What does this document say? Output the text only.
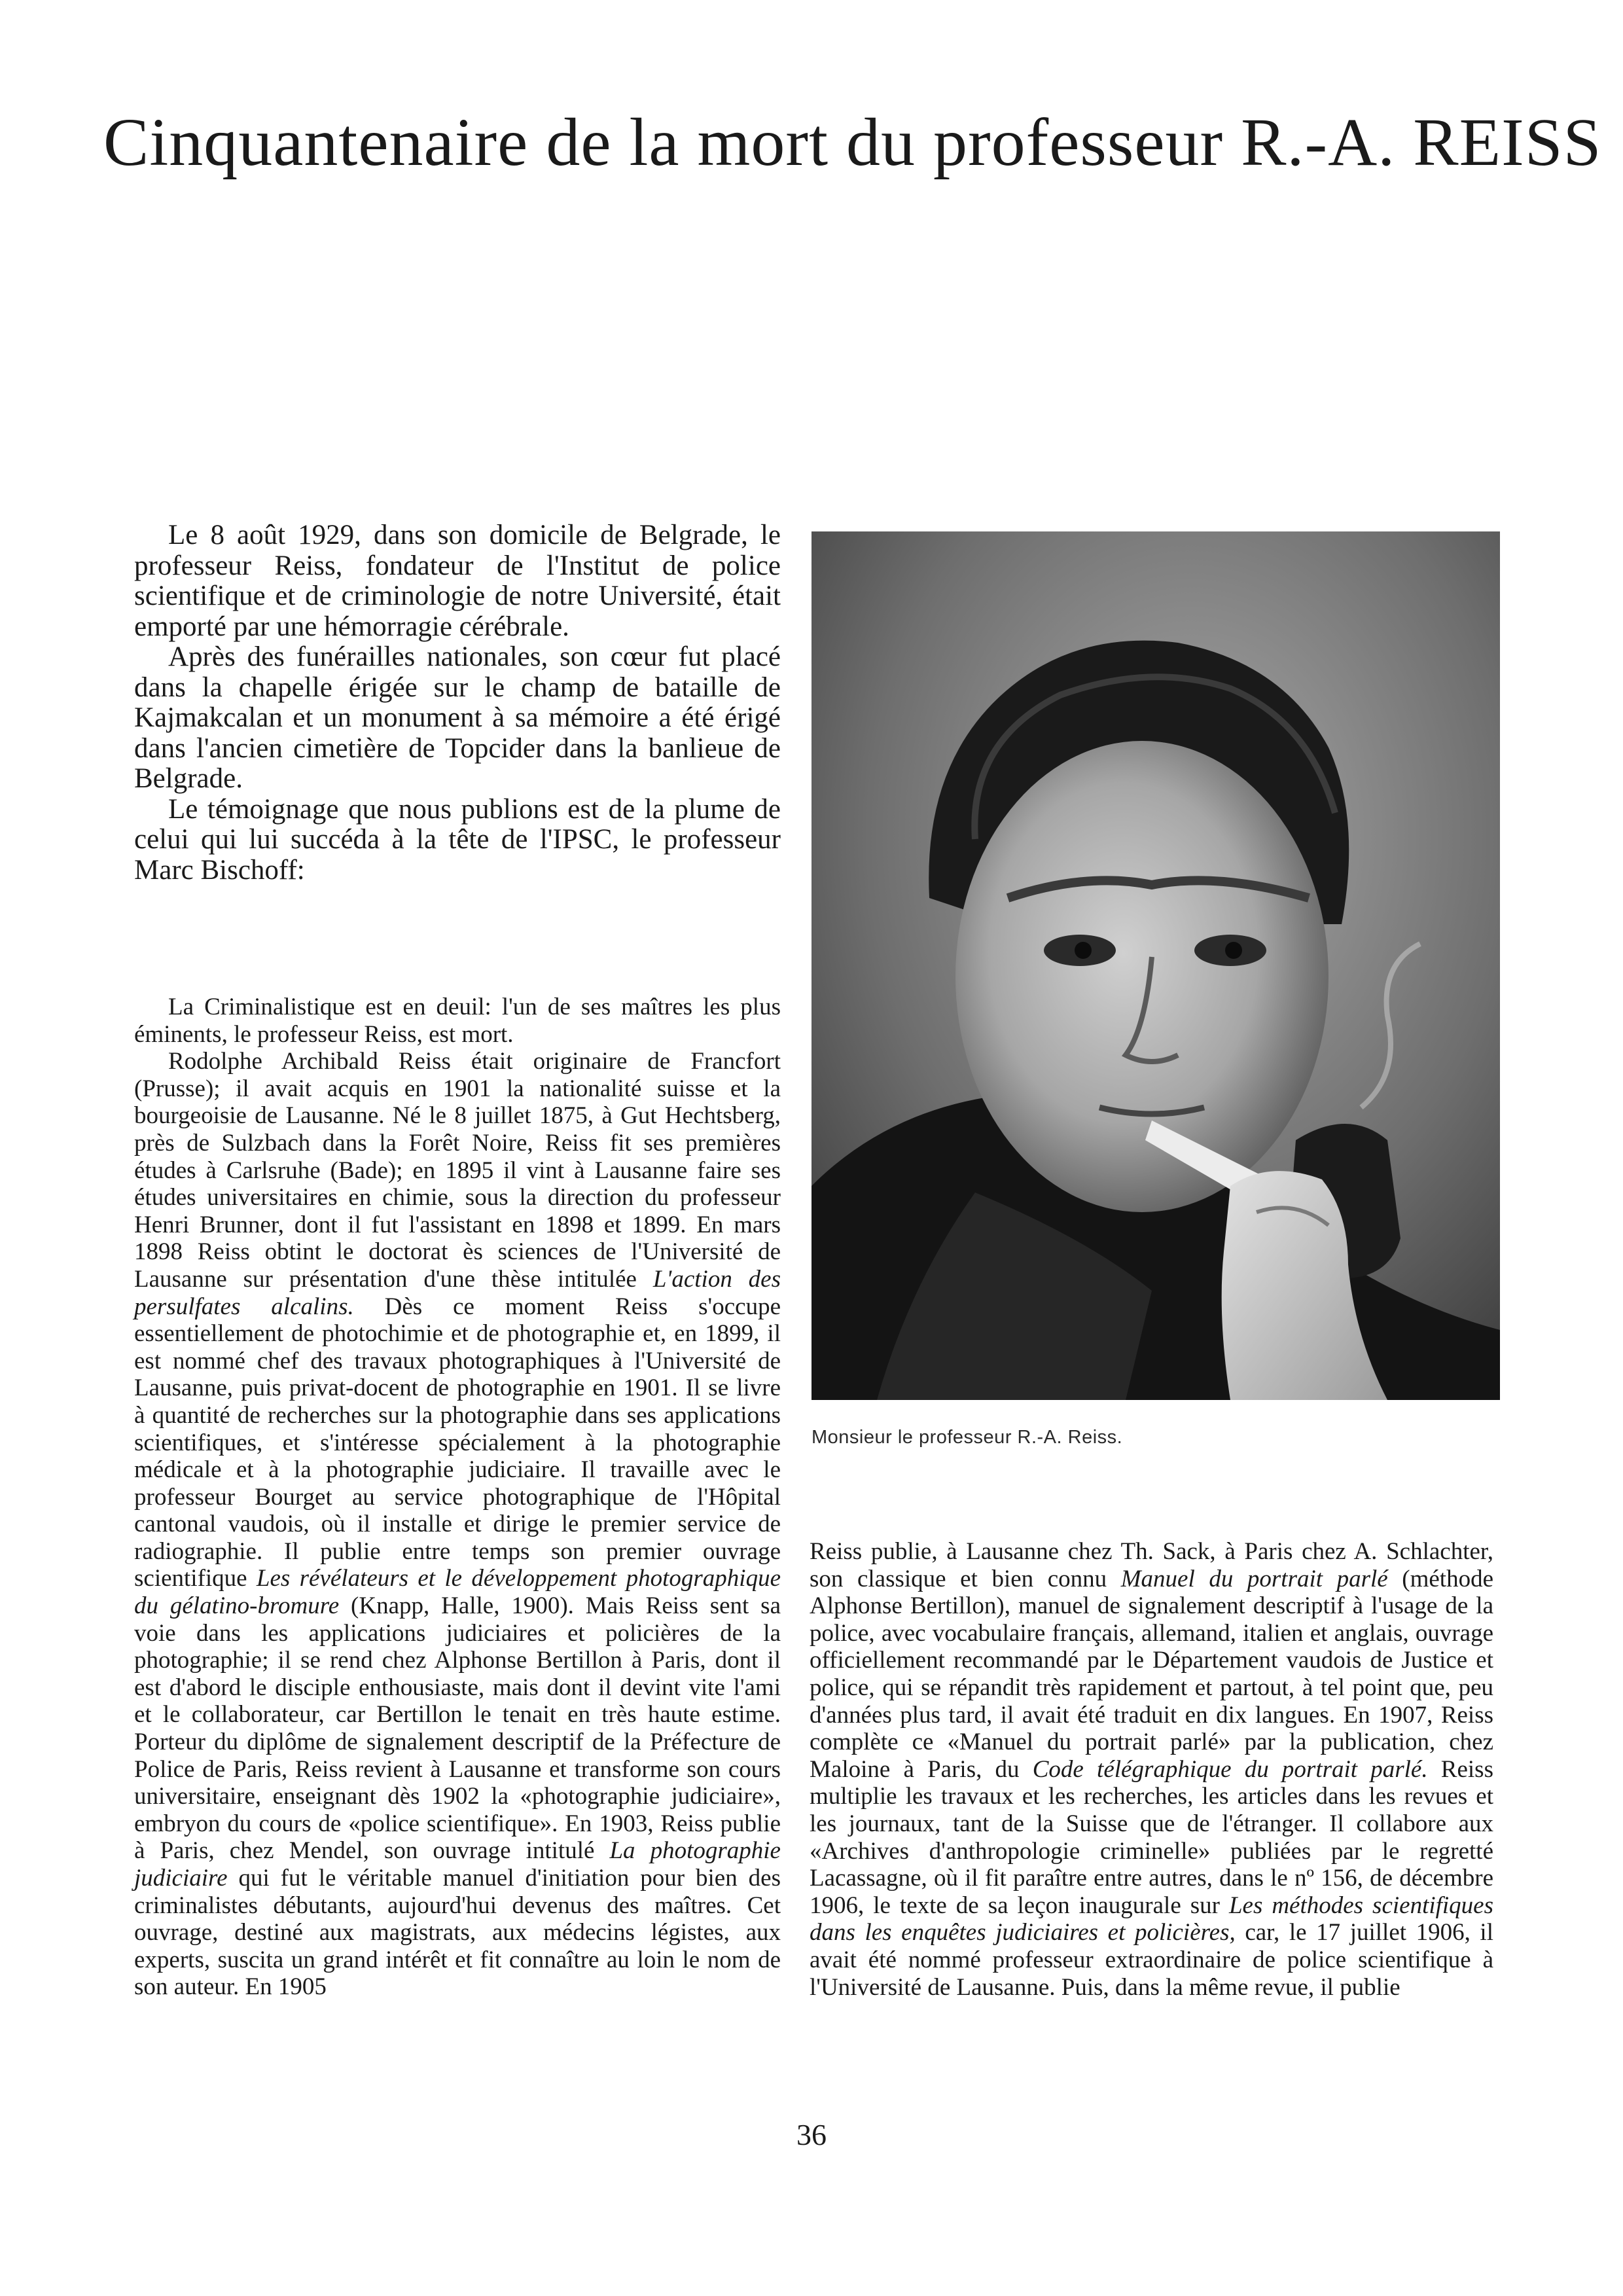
Cinquantenaire de la mort du professeur R.-A. REISS

Le 8 août 1929, dans son domicile de Belgrade, le professeur Reiss, fondateur de l'Institut de police scientifique et de criminologie de notre Université, était emporté par une hémorragie cérébrale.

Après des funérailles nationales, son cœur fut placé dans la chapelle érigée sur le champ de bataille de Kajmakcalan et un monument à sa mémoire a été érigé dans l'ancien cimetière de Topcider dans la banlieue de Belgrade.

Le témoignage que nous publions est de la plume de celui qui lui succéda à la tête de l'IPSC, le professeur Marc Bischoff:

La Criminalistique est en deuil: l'un de ses maîtres les plus éminents, le professeur Reiss, est mort.

Rodolphe Archibald Reiss était originaire de Francfort (Prusse); il avait acquis en 1901 la nationalité suisse et la bourgeoisie de Lausanne. Né le 8 juillet 1875, à Gut Hechtsberg, près de Sulzbach dans la Forêt Noire, Reiss fit ses premières études à Carlsruhe (Bade); en 1895 il vint à Lausanne faire ses études universitaires en chimie, sous la direction du professeur Henri Brunner, dont il fut l'assistant en 1898 et 1899. En mars 1898 Reiss obtint le doctorat ès sciences de l'Université de Lausanne sur présentation d'une thèse intitulée L'action des persulfates alcalins. Dès ce moment Reiss s'occupe essentiellement de photochimie et de photographie et, en 1899, il est nommé chef des travaux photographiques à l'Université de Lausanne, puis privat-docent de photographie en 1901. Il se livre à quantité de recherches sur la photographie dans ses applications scientifiques, et s'intéresse spécialement à la photographie médicale et à la photographie judiciaire. Il travaille avec le professeur Bourget au service photographique de l'Hôpital cantonal vaudois, où il installe et dirige le premier service de radiographie. Il publie entre temps son premier ouvrage scientifique Les révélateurs et le développement photographique du gélatino-bromure (Knapp, Halle, 1900). Mais Reiss sent sa voie dans les applications judiciaires et policières de la photographie; il se rend chez Alphonse Bertillon à Paris, dont il est d'abord le disciple enthousiaste, mais dont il devint vite l'ami et le collaborateur, car Bertillon le tenait en très haute estime. Porteur du diplôme de signalement descriptif de la Préfecture de Police de Paris, Reiss revient à Lausanne et transforme son cours universitaire, enseignant dès 1902 la «photographie judiciaire», embryon du cours de «police scientifique». En 1903, Reiss publie à Paris, chez Mendel, son ouvrage intitulé La photographie judiciaire qui fut le véritable manuel d'initiation pour bien des criminalistes débutants, aujourd'hui devenus des maîtres. Cet ouvrage, destiné aux magistrats, aux médecins légistes, aux experts, suscita un grand intérêt et fit connaître au loin le nom de son auteur. En 1905

Monsieur le professeur R.-A. Reiss.

Reiss publie, à Lausanne chez Th. Sack, à Paris chez A. Schlachter, son classique et bien connu Manuel du portrait parlé (méthode Alphonse Bertillon), manuel de signalement descriptif à l'usage de la police, avec vocabulaire français, allemand, italien et anglais, ouvrage officiellement recommandé par le Département vaudois de Justice et police, qui se répandit très rapidement et partout, à tel point que, peu d'années plus tard, il avait été traduit en dix langues. En 1907, Reiss complète ce «Manuel du portrait parlé» par la publication, chez Maloine à Paris, du Code télégraphique du portrait parlé. Reiss multiplie les travaux et les recherches, les articles dans les revues et les journaux, tant de la Suisse que de l'étranger. Il collabore aux «Archives d'anthropologie criminelle» publiées par le regretté Lacassagne, où il fit paraître entre autres, dans le nº 156, de décembre 1906, le texte de sa leçon inaugurale sur Les méthodes scientifiques dans les enquêtes judiciaires et policières, car, le 17 juillet 1906, il avait été nommé professeur extraordinaire de police scientifique à l'Université de Lausanne. Puis, dans la même revue, il publie

36
